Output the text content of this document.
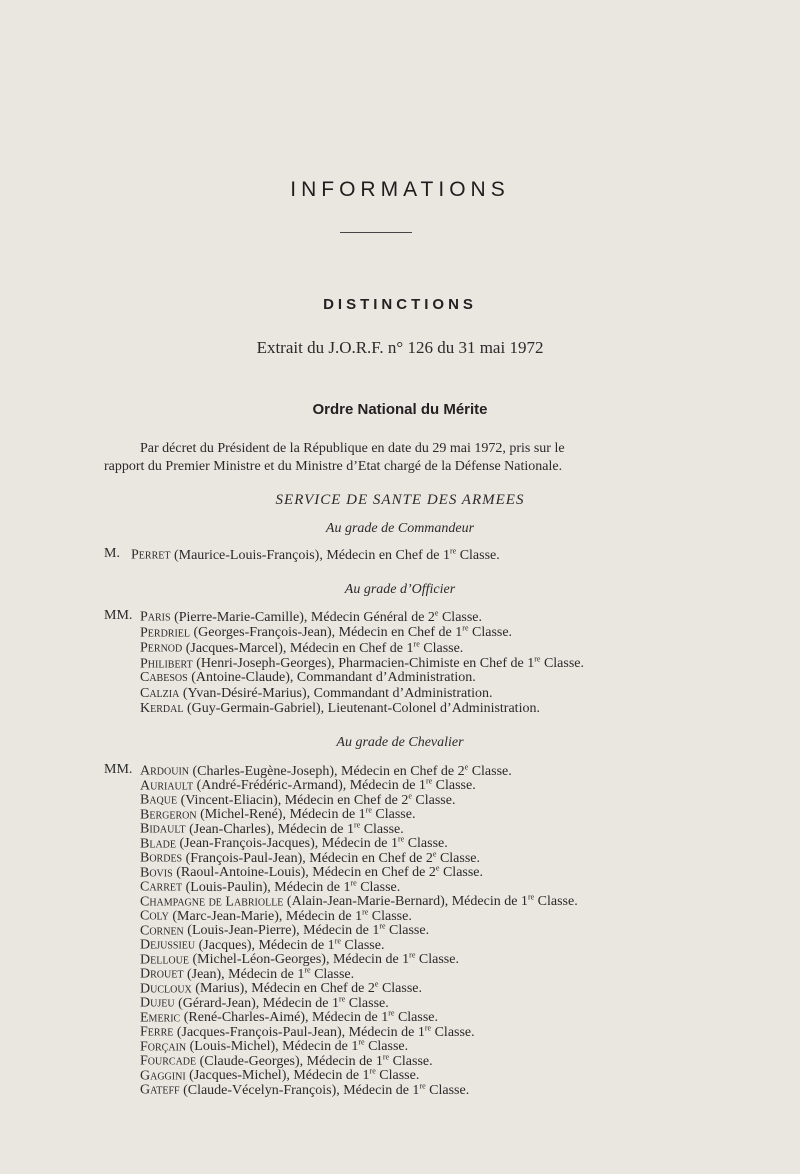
INFORMATIONS
DISTINCTIONS
Extrait du J.O.R.F. n° 126 du 31 mai 1972
Ordre National du Mérite
Par décret du Président de la République en date du 29 mai 1972, pris sur le
rapport du Premier Ministre et du Ministre d’Etat chargé de la Défense Nationale.
SERVICE DE SANTE DES ARMEES
Au grade de Commandeur
M. Perret (Maurice-Louis-François), Médecin en Chef de 1re Classe.
Au grade d’Officier
MM. Paris (Pierre-Marie-Camille), Médecin Général de 2e Classe.
Perdriel (Georges-François-Jean), Médecin en Chef de 1re Classe.
Pernod (Jacques-Marcel), Médecin en Chef de 1re Classe.
Philibert (Henri-Joseph-Georges), Pharmacien-Chimiste en Chef de 1re Classe.
Cabesos (Antoine-Claude), Commandant d’Administration.
Calzia (Yvan-Désiré-Marius), Commandant d’Administration.
Kerdal (Guy-Germain-Gabriel), Lieutenant-Colonel d’Administration.
Au grade de Chevalier
MM. Ardouin (Charles-Eugène-Joseph), Médecin en Chef de 2e Classe.
Auriault (André-Frédéric-Armand), Médecin de 1re Classe.
Baque (Vincent-Eliacin), Médecin en Chef de 2e Classe.
Bergeron (Michel-René), Médecin de 1re Classe.
Bidault (Jean-Charles), Médecin de 1re Classe.
Blade (Jean-François-Jacques), Médecin de 1re Classe.
Bordes (François-Paul-Jean), Médecin en Chef de 2e Classe.
Bovis (Raoul-Antoine-Louis), Médecin en Chef de 2e Classe.
Carret (Louis-Paulin), Médecin de 1re Classe.
Champagne de Labriolle (Alain-Jean-Marie-Bernard), Médecin de 1re Classe.
Coly (Marc-Jean-Marie), Médecin de 1re Classe.
Cornen (Louis-Jean-Pierre), Médecin de 1re Classe.
Dejussieu (Jacques), Médecin de 1re Classe.
Delloue (Michel-Léon-Georges), Médecin de 1re Classe.
Drouet (Jean), Médecin de 1re Classe.
Ducloux (Marius), Médecin en Chef de 2e Classe.
Dujeu (Gérard-Jean), Médecin de 1re Classe.
Emeric (René-Charles-Aimé), Médecin de 1re Classe.
Ferre (Jacques-François-Paul-Jean), Médecin de 1re Classe.
Forçain (Louis-Michel), Médecin de 1re Classe.
Fourcade (Claude-Georges), Médecin de 1re Classe.
Gaggini (Jacques-Michel), Médecin de 1re Classe.
Gateff (Claude-Vécelyn-François), Médecin de 1re Classe.
